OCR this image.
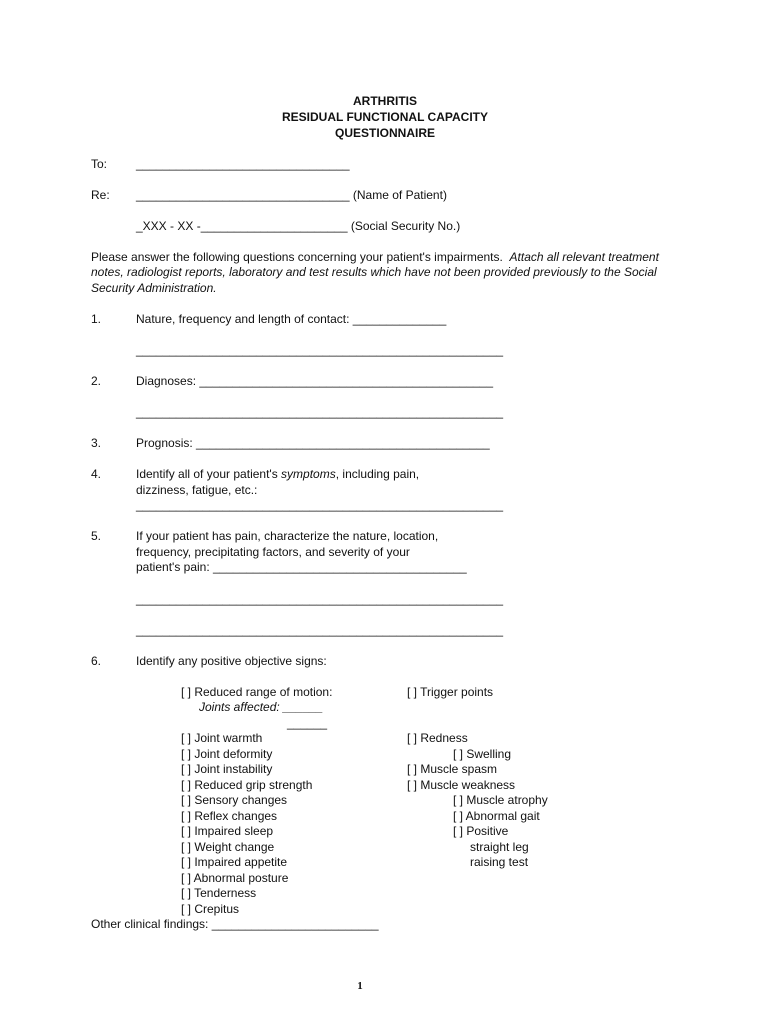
ARTHRITIS
RESIDUAL FUNCTIONAL CAPACITY
QUESTIONNAIRE
To: ________________________________
Re: ________________________________ (Name of Patient)
_XXX - XX -______________________ (Social Security No.)
Please answer the following questions concerning your patient's impairments.  Attach all relevant treatment
notes, radiologist reports, laboratory and test results which have not been provided previously to the Social
Security Administration.
1.	Nature, frequency and length of contact: ______________
_______________________________________________________
2.	Diagnoses: ____________________________________________
_______________________________________________________
3.	Prognosis: ____________________________________________
4.	Identify all of your patient's symptoms, including pain,
dizziness, fatigue, etc.:
_______________________________________________________
5.	If your patient has pain, characterize the nature, location,
frequency, precipitating factors, and severity of your
patient's pain: ______________________________________
_______________________________________________________
_______________________________________________________
6.	Identify any positive objective signs:
[ ] Reduced range of motion:
Joints affected: ______
______
[ ] Joint warmth
[ ] Joint deformity
[ ] Joint instability
[ ] Reduced grip strength
[ ] Sensory changes
[ ] Reflex changes
[ ] Impaired sleep
[ ] Weight change
[ ] Impaired appetite
[ ] Abnormal posture
[ ] Tenderness
[ ] Crepitus
[ ] Trigger points
[ ] Redness
[ ] Swelling
[ ] Muscle spasm
[ ] Muscle weakness
[ ] Muscle atrophy
[ ] Abnormal gait
[ ] Positive
straight leg
raising test
Other clinical findings: _________________________
1
